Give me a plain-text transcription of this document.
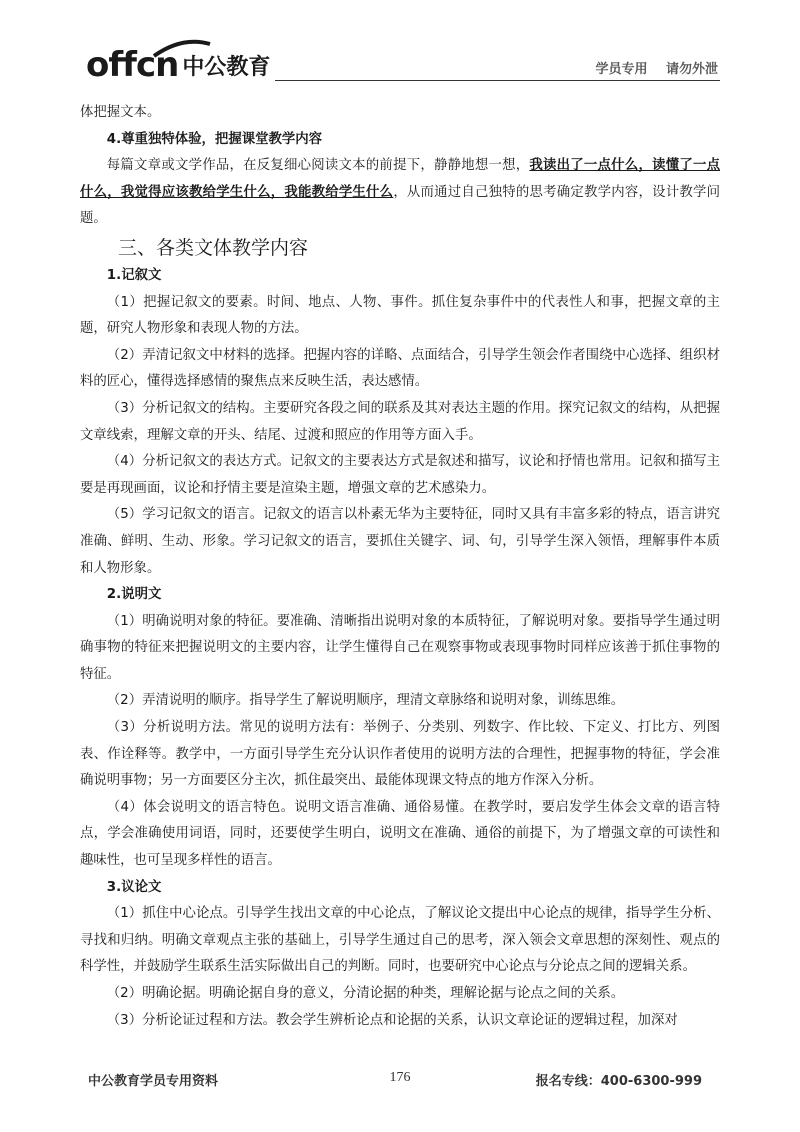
offcn 中公教育	学员专用 请勿外泄

体把握文本。

4.尊重独特体验，把握课堂教学内容

每篇文章或文学作品，在反复细心阅读文本的前提下，静静地想一想，我读出了一点什么，读懂了一点什么，我觉得应该教给学生什么，我能教给学生什么，从而通过自己独特的思考确定教学内容，设计教学问题。

三、各类文体教学内容

1.记叙文

（1）把握记叙文的要素。时间、地点、人物、事件。抓住复杂事件中的代表性人和事，把握文章的主题，研究人物形象和表现人物的方法。

（2）弄清记叙文中材料的选择。把握内容的详略、点面结合，引导学生领会作者围绕中心选择、组织材料的匠心，懂得选择感情的聚焦点来反映生活，表达感情。

（3）分析记叙文的结构。主要研究各段之间的联系及其对表达主题的作用。探究记叙文的结构，从把握文章线索，理解文章的开头、结尾、过渡和照应的作用等方面入手。

（4）分析记叙文的表达方式。记叙文的主要表达方式是叙述和描写，议论和抒情也常用。记叙和描写主要是再现画面，议论和抒情主要是渲染主题，增强文章的艺术感染力。

（5）学习记叙文的语言。记叙文的语言以朴素无华为主要特征，同时又具有丰富多彩的特点，语言讲究准确、鲜明、生动、形象。学习记叙文的语言，要抓住关键字、词、句，引导学生深入领悟，理解事件本质和人物形象。

2.说明文

（1）明确说明对象的特征。要准确、清晰指出说明对象的本质特征，了解说明对象。要指导学生通过明确事物的特征来把握说明文的主要内容，让学生懂得自己在观察事物或表现事物时同样应该善于抓住事物的特征。

（2）弄清说明的顺序。指导学生了解说明顺序，理清文章脉络和说明对象，训练思维。

（3）分析说明方法。常见的说明方法有：举例子、分类别、列数字、作比较、下定义、打比方、列图表、作诠释等。教学中，一方面引导学生充分认识作者使用的说明方法的合理性，把握事物的特征，学会准确说明事物；另一方面要区分主次，抓住最突出、最能体现课文特点的地方作深入分析。

（4）体会说明文的语言特色。说明文语言准确、通俗易懂。在教学时，要启发学生体会文章的语言特点，学会准确使用词语，同时，还要使学生明白，说明文在准确、通俗的前提下，为了增强文章的可读性和趣味性，也可呈现多样性的语言。

3.议论文

（1）抓住中心论点。引导学生找出文章的中心论点，了解议论文提出中心论点的规律，指导学生分析、寻找和归纳。明确文章观点主张的基础上，引导学生通过自己的思考，深入领会文章思想的深刻性、观点的科学性，并鼓励学生联系生活实际做出自己的判断。同时，也要研究中心论点与分论点之间的逻辑关系。

（2）明确论据。明确论据自身的意义，分清论据的种类，理解论据与论点之间的关系。

（3）分析论证过程和方法。教会学生辨析论点和论据的关系，认识文章论证的逻辑过程，加深对

中公教育学员专用资料	176	报名专线：400-6300-999
